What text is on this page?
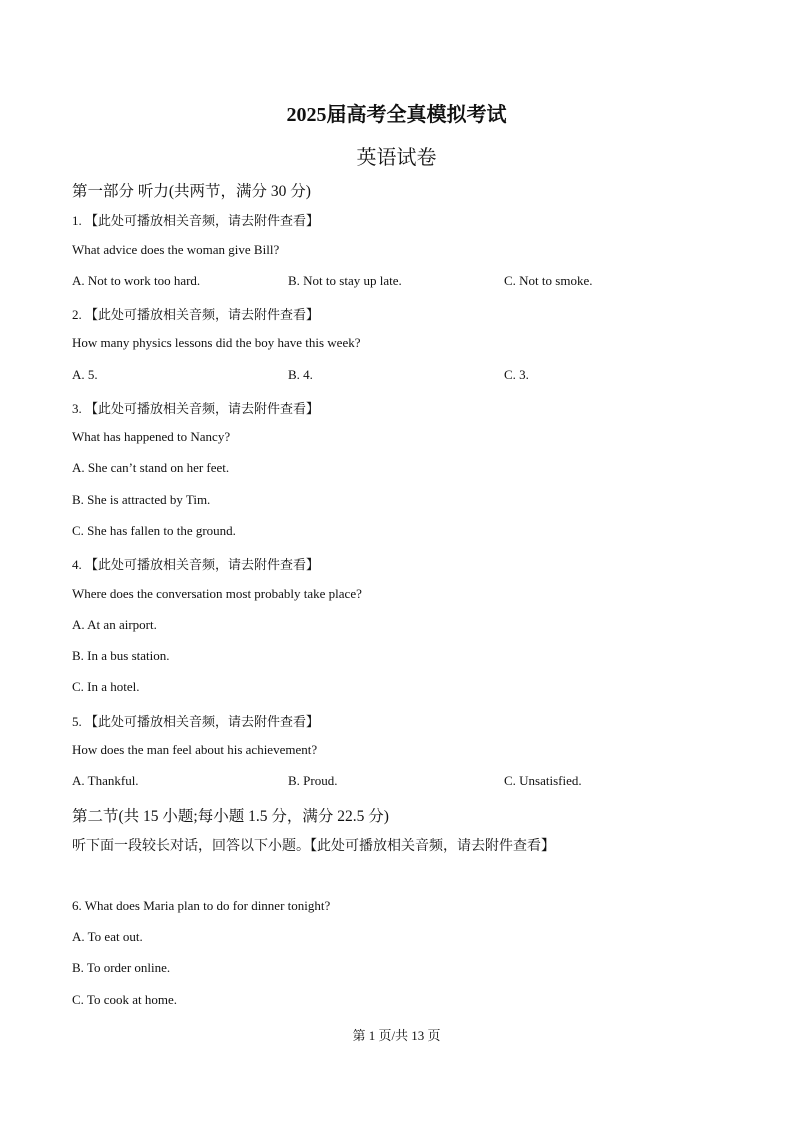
2025届高考全真模拟考试
英语试卷
第一部分 听力(共两节，满分 30 分)
1. 【此处可播放相关音频，请去附件查看】
What advice does the woman give Bill?
A. Not to work too hard.	B. Not to stay up late.	C. Not to smoke.
2. 【此处可播放相关音频，请去附件查看】
How many physics lessons did the boy have this week?
A. 5.	B. 4.	C. 3.
3. 【此处可播放相关音频，请去附件查看】
What has happened to Nancy?
A. She can’t stand on her feet.
B. She is attracted by Tim.
C. She has fallen to the ground.
4. 【此处可播放相关音频，请去附件查看】
Where does the conversation most probably take place?
A. At an airport.
B. In a bus station.
C. In a hotel.
5. 【此处可播放相关音频，请去附件查看】
How does the man feel about his achievement?
A. Thankful.	B. Proud.	C. Unsatisfied.
第二节(共 15 小题;每小题 1.5 分，满分 22.5 分)
听下面一段较长对话，回答以下小题。【此处可播放相关音频，请去附件查看】
6. What does Maria plan to do for dinner tonight?
A. To eat out.
B. To order online.
C. To cook at home.
第 1 页/共 13 页
